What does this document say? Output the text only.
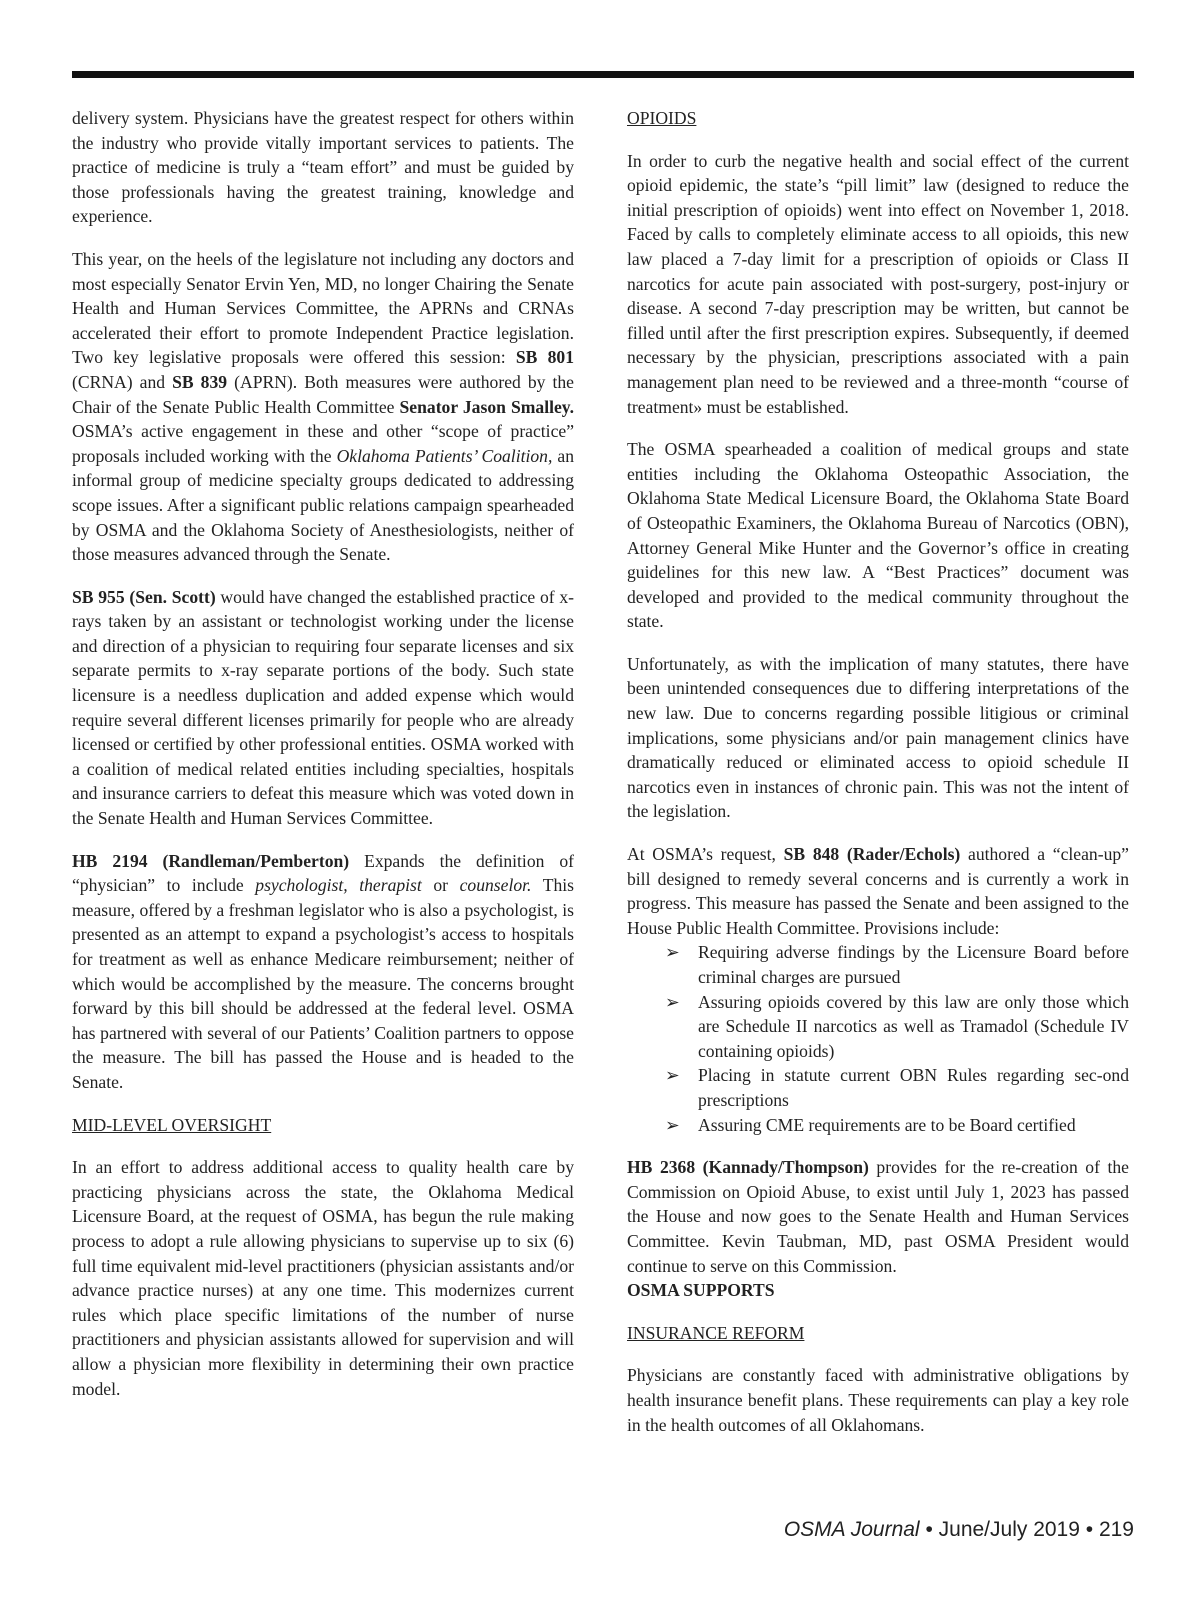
delivery system. Physicians have the greatest respect for others within the industry who provide vitally important services to patients. The practice of medicine is truly a “team effort” and must be guided by those professionals having the greatest training, knowledge and experience.

This year, on the heels of the legislature not including any doctors and most especially Senator Ervin Yen, MD, no longer Chairing the Senate Health and Human Services Committee, the APRNs and CRNAs accelerated their effort to promote Independent Practice legislation. Two key legislative proposals were offered this session: SB 801 (CRNA) and SB 839 (APRN). Both measures were authored by the Chair of the Senate Public Health Committee Senator Jason Smalley. OSMA’s active engagement in these and other “scope of practice” proposals included working with the Oklahoma Patients’ Coalition, an informal group of medicine specialty groups dedicated to addressing scope issues. After a significant public relations campaign spearheaded by OSMA and the Oklahoma Society of Anesthesiologists, neither of those measures advanced through the Senate.

SB 955 (Sen. Scott) would have changed the established practice of x-rays taken by an assistant or technologist working under the license and direction of a physician to requiring four separate licenses and six separate permits to x-ray separate portions of the body. Such state licensure is a needless duplication and added expense which would require several different licenses primarily for people who are already licensed or certified by other professional entities. OSMA worked with a coalition of medical related entities including specialties, hospitals and insurance carriers to defeat this measure which was voted down in the Senate Health and Human Services Committee.

HB 2194 (Randleman/Pemberton) Expands the definition of “physician” to include psychologist, therapist or counselor. This measure, offered by a freshman legislator who is also a psychologist, is presented as an attempt to expand a psychologist’s access to hospitals for treatment as well as enhance Medicare reimbursement; neither of which would be accomplished by the measure. The concerns brought forward by this bill should be addressed at the federal level. OSMA has partnered with several of our Patients’ Coalition partners to oppose the measure. The bill has passed the House and is headed to the Senate.

MID-LEVEL OVERSIGHT

In an effort to address additional access to quality health care by practicing physicians across the state, the Oklahoma Medical Licensure Board, at the request of OSMA, has begun the rule making process to adopt a rule allowing physicians to supervise up to six (6) full time equivalent mid-level practitioners (physician assistants and/or advance practice nurses) at any one time. This modernizes current rules which place specific limitations of the number of nurse practitioners and physician assistants allowed for supervision and will allow a physician more flexibility in determining their own practice model.

OPIOIDS

In order to curb the negative health and social effect of the current opioid epidemic, the state’s “pill limit” law (designed to reduce the initial prescription of opioids) went into effect on November 1, 2018. Faced by calls to completely eliminate access to all opioids, this new law placed a 7-day limit for a prescription of opioids or Class II narcotics for acute pain associated with post-surgery, post-injury or disease. A second 7-day prescription may be written, but cannot be filled until after the first prescription expires. Subsequently, if deemed necessary by the physician, prescriptions associated with a pain management plan need to be reviewed and a three-month “course of treatment» must be established.

The OSMA spearheaded a coalition of medical groups and state entities including the Oklahoma Osteopathic Association, the Oklahoma State Medical Licensure Board, the Oklahoma State Board of Osteopathic Examiners, the Oklahoma Bureau of Narcotics (OBN), Attorney General Mike Hunter and the Governor’s office in creating guidelines for this new law. A “Best Practices” document was developed and provided to the medical community throughout the state.

Unfortunately, as with the implication of many statutes, there have been unintended consequences due to differing interpretations of the new law. Due to concerns regarding possible litigious or criminal implications, some physicians and/or pain management clinics have dramatically reduced or eliminated access to opioid schedule II narcotics even in instances of chronic pain. This was not the intent of the legislation.

At OSMA’s request, SB 848 (Rader/Echols) authored a “clean-up” bill designed to remedy several concerns and is currently a work in progress. This measure has passed the Senate and been assigned to the House Public Health Committee. Provisions include:

➢ Requiring adverse findings by the Licensure Board before criminal charges are pursued
➢ Assuring opioids covered by this law are only those which are Schedule II narcotics as well as Tramadol (Schedule IV containing opioids)
➢ Placing in statute current OBN Rules regarding sec-ond prescriptions
➢ Assuring CME requirements are to be Board certified

HB 2368 (Kannady/Thompson) provides for the re-creation of the Commission on Opioid Abuse, to exist until July 1, 2023 has passed the House and now goes to the Senate Health and Human Services Committee. Kevin Taubman, MD, past OSMA President would continue to serve on this Commission.
OSMA SUPPORTS

INSURANCE REFORM

Physicians are constantly faced with administrative obligations by health insurance benefit plans. These requirements can play a key role in the health outcomes of all Oklahomans.

OSMA Journal • June/July 2019 • 219
